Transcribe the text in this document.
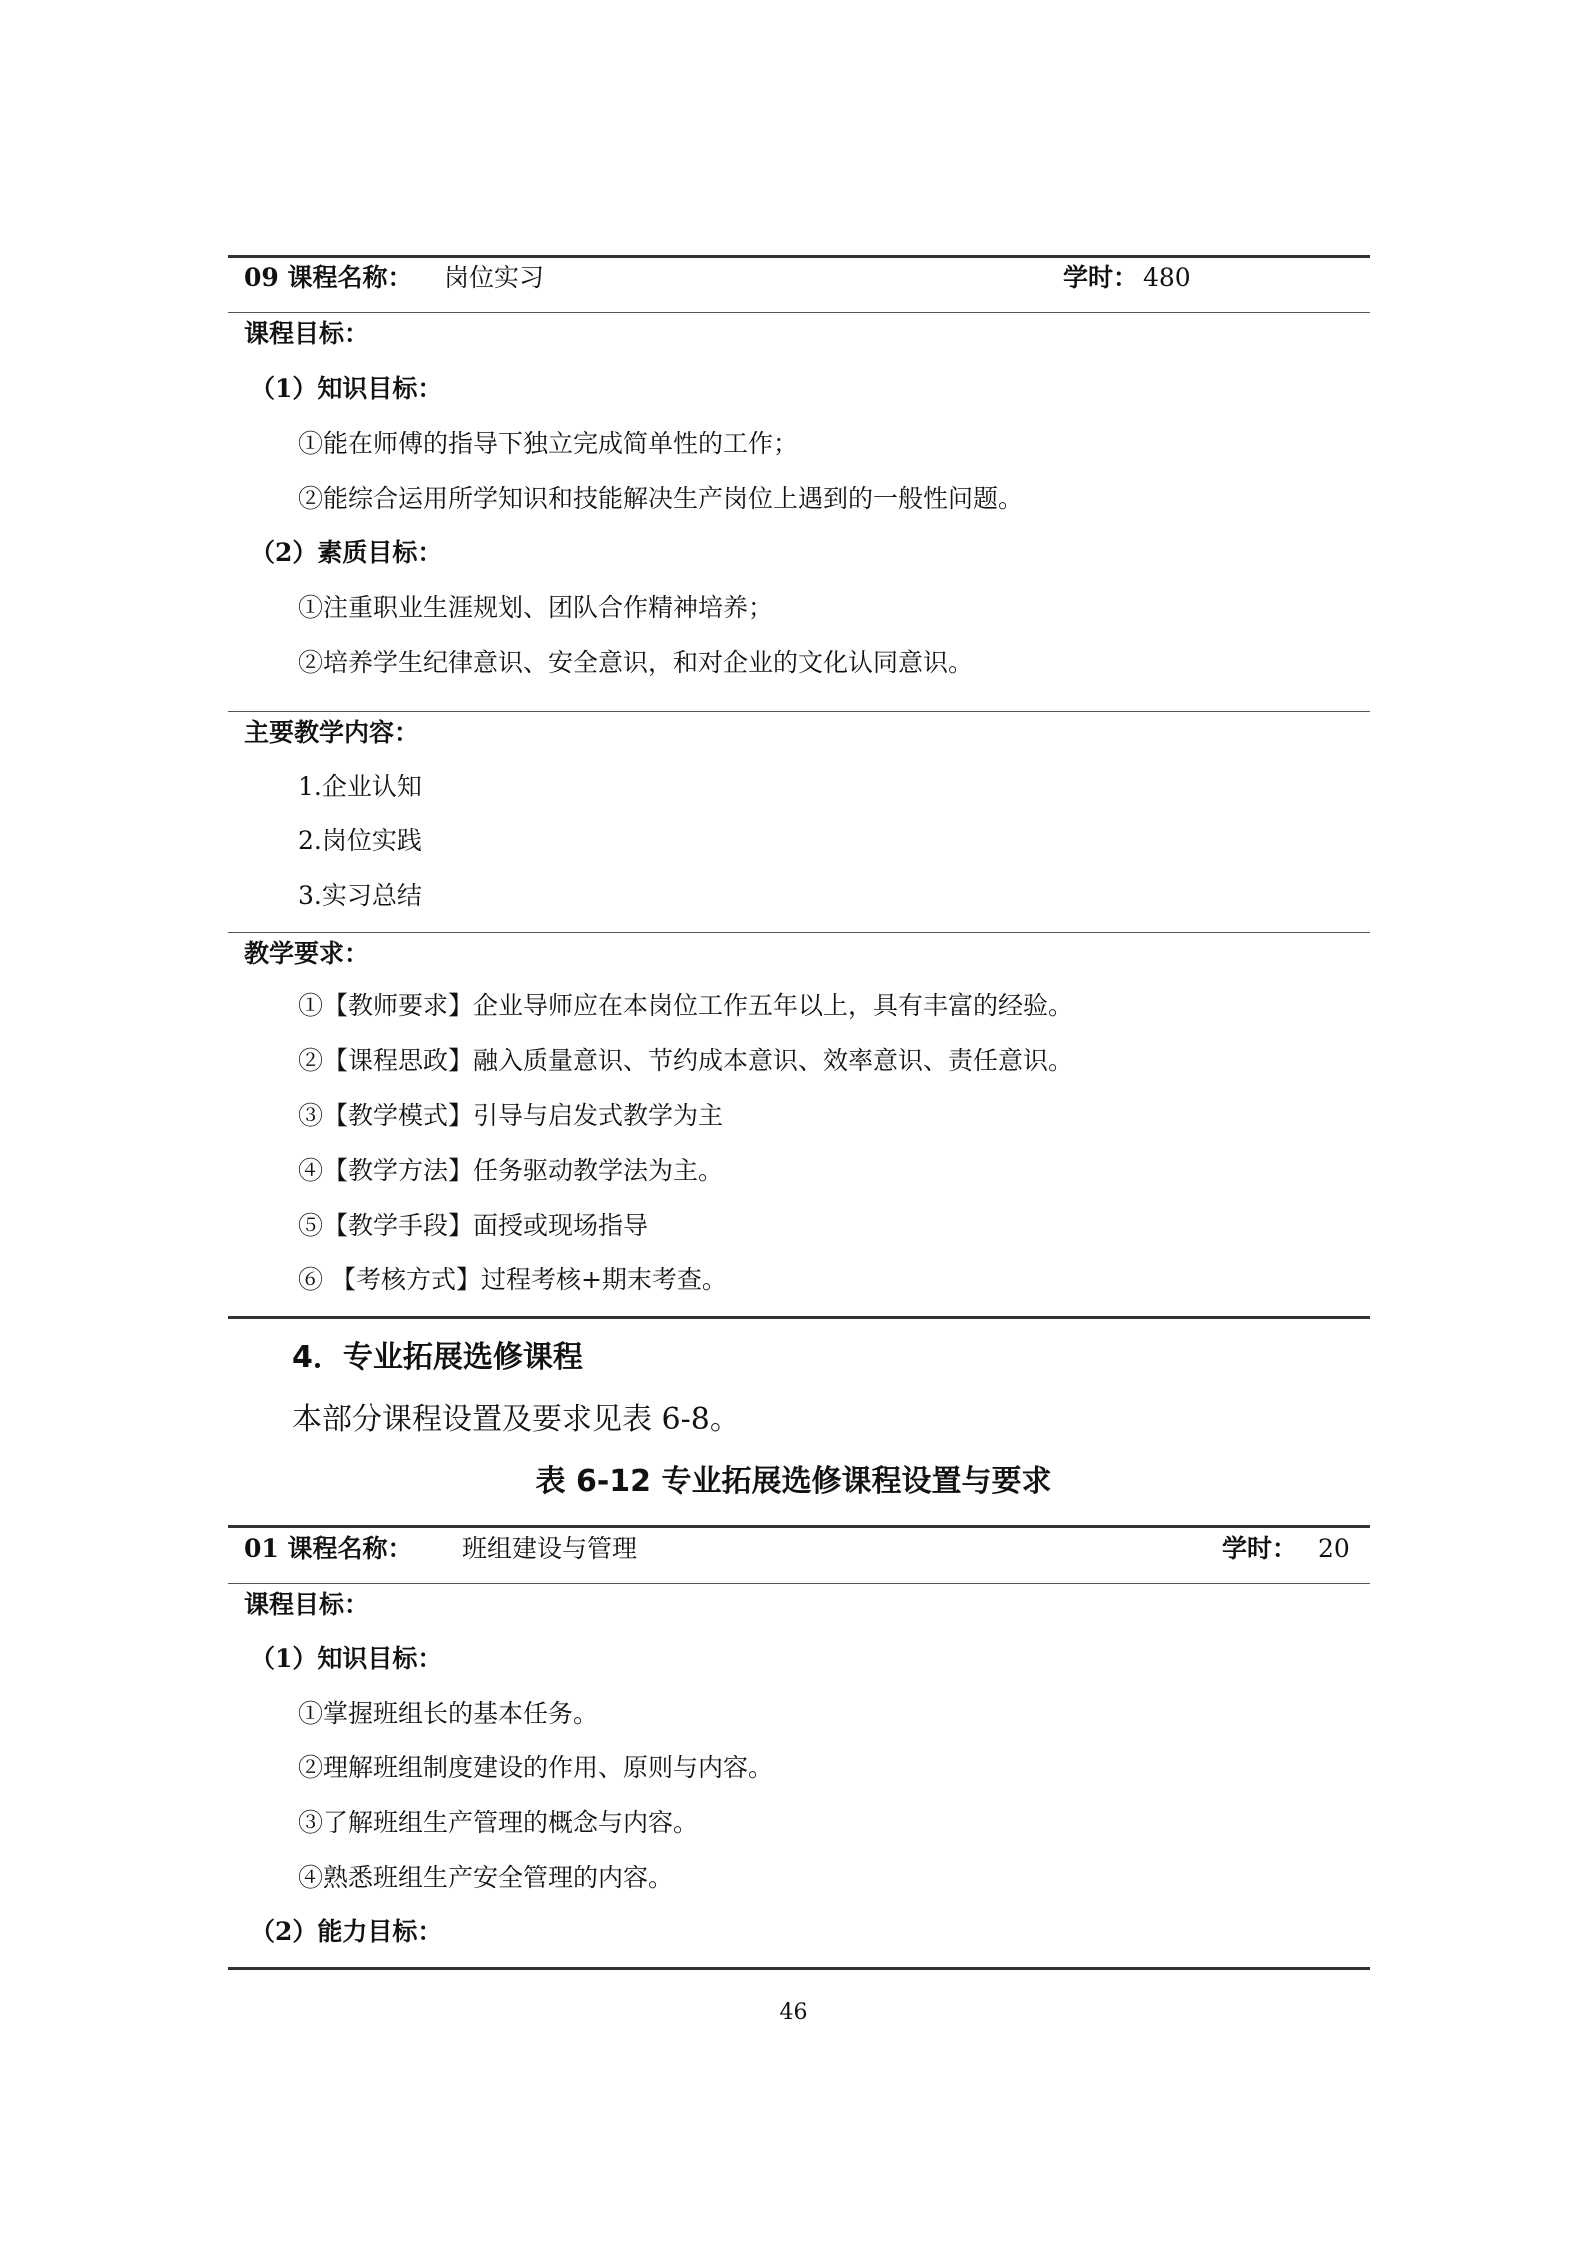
09 课程名称： 岗位实习	学时： 480
课程目标：
（1）知识目标：
①能在师傅的指导下独立完成简单性的工作；
②能综合运用所学知识和技能解决生产岗位上遇到的一般性问题。
（2）素质目标：
①注重职业生涯规划、团队合作精神培养；
②培养学生纪律意识、安全意识，和对企业的文化认同意识。
主要教学内容：
1.企业认知
2.岗位实践
3.实习总结
教学要求：
①【教师要求】企业导师应在本岗位工作五年以上，具有丰富的经验。
②【课程思政】融入质量意识、节约成本意识、效率意识、责任意识。
③【教学模式】引导与启发式教学为主
④【教学方法】任务驱动教学法为主。
⑤【教学手段】面授或现场指导
⑥ 【考核方式】过程考核+期末考查。
4．专业拓展选修课程
本部分课程设置及要求见表 6-8。
表 6-12 专业拓展选修课程设置与要求
01 课程名称： 班组建设与管理	学时： 20
课程目标：
（1）知识目标：
①掌握班组长的基本任务。
②理解班组制度建设的作用、原则与内容。
③了解班组生产管理的概念与内容。
④熟悉班组生产安全管理的内容。
（2）能力目标：
46
